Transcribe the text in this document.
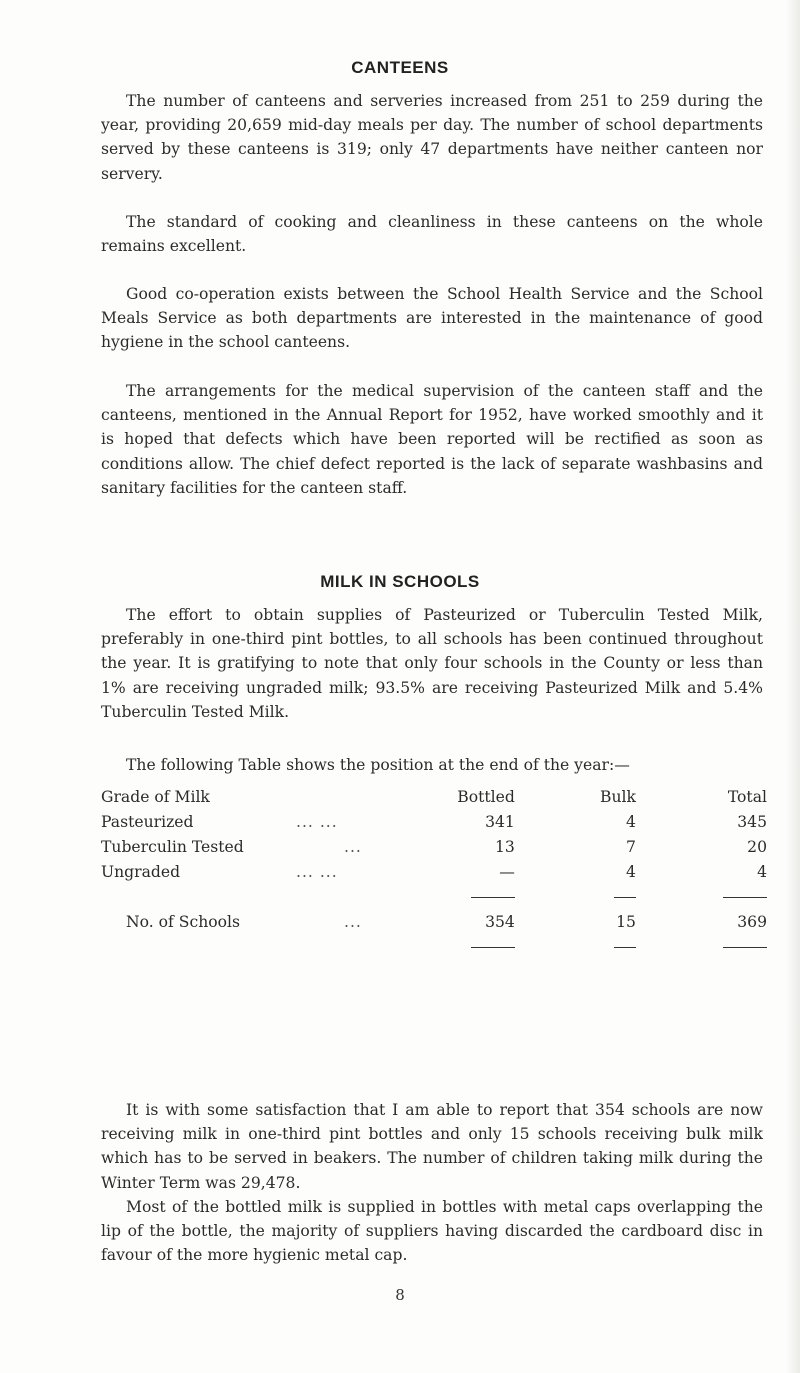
CANTEENS

The number of canteens and serveries increased from 251 to 259 during the year, providing 20,659 mid-day meals per day. The number of school departments served by these canteens is 319; only 47 departments have neither canteen nor servery.

The standard of cooking and cleanliness in these canteens on the whole remains excellent.

Good co-operation exists between the School Health Service and the School Meals Service as both departments are interested in the maintenance of good hygiene in the school canteens.

The arrangements for the medical supervision of the canteen staff and the canteens, mentioned in the Annual Report for 1952, have worked smoothly and it is hoped that defects which have been reported will be rectified as soon as conditions allow. The chief defect reported is the lack of separate washbasins and sanitary facilities for the canteen staff.

MILK IN SCHOOLS

The effort to obtain supplies of Pasteurized or Tuberculin Tested Milk, preferably in one-third pint bottles, to all schools has been continued throughout the year. It is gratifying to note that only four schools in the County or less than 1% are receiving ungraded milk; 93.5% are receiving Pasteurized Milk and 5.4% Tuberculin Tested Milk.

The following Table shows the position at the end of the year:—

Grade of Milk	Bottled	Bulk	Total
Pasteurized ... ...	341	4	345
Tuberculin Tested ...	13	7	20
Ungraded ... ...	—	4	4

No. of Schools ...	354	15	369

It is with some satisfaction that I am able to report that 354 schools are now receiving milk in one-third pint bottles and only 15 schools receiving bulk milk which has to be served in beakers. The number of children taking milk during the Winter Term was 29,478.

Most of the bottled milk is supplied in bottles with metal caps overlapping the lip of the bottle, the majority of suppliers having discarded the cardboard disc in favour of the more hygienic metal cap.

8
